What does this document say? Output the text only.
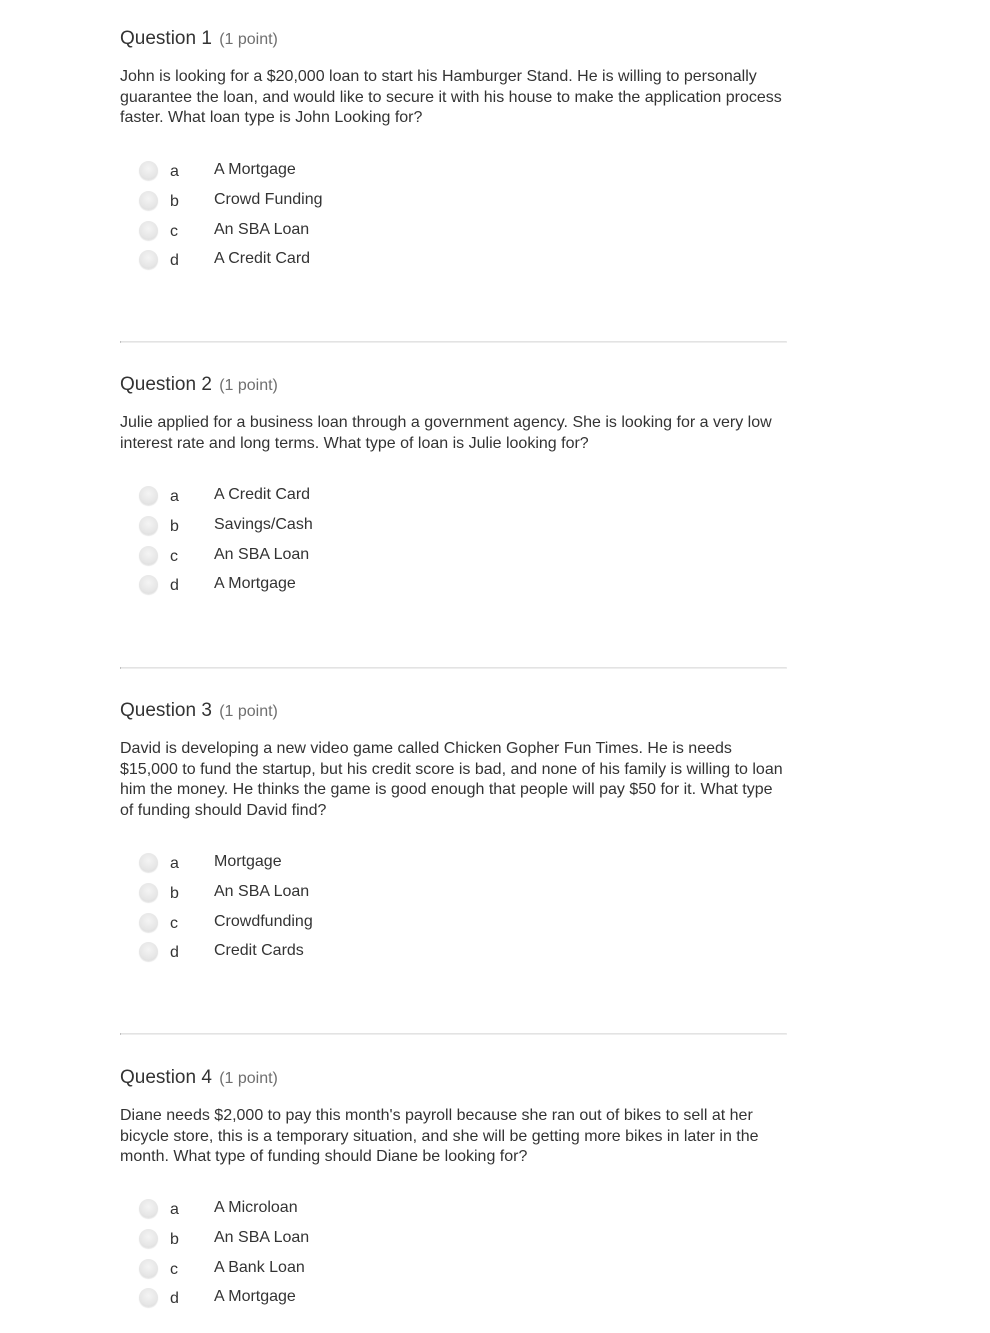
Question 1 (1 point)

John is looking for a $20,000 loan to start his Hamburger Stand. He is willing to personally guarantee the loan, and would like to secure it with his house to make the application process faster. What loan type is John Looking for?

a A Mortgage
b Crowd Funding
c An SBA Loan
d A Credit Card
Question 2 (1 point)

Julie applied for a business loan through a government agency. She is looking for a very low interest rate and long terms. What type of loan is Julie looking for?

a A Credit Card
b Savings/Cash
c An SBA Loan
d A Mortgage
Question 3 (1 point)

David is developing a new video game called Chicken Gopher Fun Times. He is needs $15,000 to fund the startup, but his credit score is bad, and none of his family is willing to loan him the money. He thinks the game is good enough that people will pay $50 for it. What type of funding should David find?

a Mortgage
b An SBA Loan
c Crowdfunding
d Credit Cards
Question 4 (1 point)

Diane needs $2,000 to pay this month's payroll because she ran out of bikes to sell at her bicycle store, this is a temporary situation, and she will be getting more bikes in later in the month. What type of funding should Diane be looking for?

a A Microloan
b An SBA Loan
c A Bank Loan
d A Mortgage
